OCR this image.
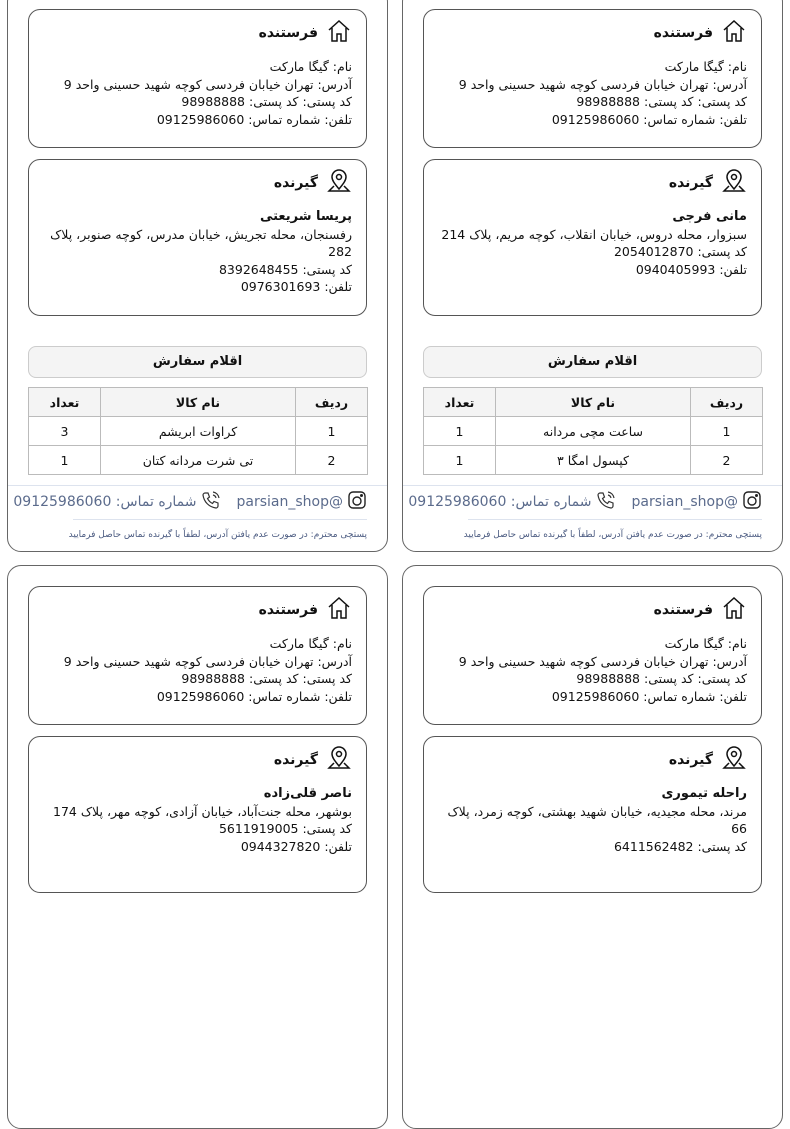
فرستنده
نام: گیگا مارکت
آدرس: تهران خیابان فردسی کوچه شهید حسینی واحد 9
کد پستی: کد پستی: 98988888
تلفن: شماره تماس: 09125986060
گیرنده
مانی فرجی
سبزوار، محله دروس، خیابان انقلاب، کوچه مریم، پلاک 214
کد پستی: 2054012870
تلفن: 0940405993
اقلام سفارش
ردیف	نام کالا	تعداد
1	ساعت مچی مردانه	1
2	کپسول امگا ۳	1
parsian_shop@
شماره تماس: 09125986060
پستچی محترم: در صورت عدم یافتن آدرس، لطفاً با گیرنده تماس حاصل فرمایید
فرستنده
نام: گیگا مارکت
آدرس: تهران خیابان فردسی کوچه شهید حسینی واحد 9
کد پستی: کد پستی: 98988888
تلفن: شماره تماس: 09125986060
گیرنده
پریسا شریعتی
رفسنجان، محله تجریش، خیابان مدرس، کوچه صنوبر، پلاک 282
کد پستی: 8392648455
تلفن: 0976301693
اقلام سفارش
ردیف	نام کالا	تعداد
1	کراوات ابریشم	3
2	تی شرت مردانه کتان	1
parsian_shop@
شماره تماس: 09125986060
پستچی محترم: در صورت عدم یافتن آدرس، لطفاً با گیرنده تماس حاصل فرمایید
فرستنده
نام: گیگا مارکت
آدرس: تهران خیابان فردسی کوچه شهید حسینی واحد 9
کد پستی: کد پستی: 98988888
تلفن: شماره تماس: 09125986060
گیرنده
راحله تیموری
مرند، محله مجیدیه، خیابان شهید بهشتی، کوچه زمرد، پلاک 66
کد پستی: 6411562482
فرستنده
نام: گیگا مارکت
آدرس: تهران خیابان فردسی کوچه شهید حسینی واحد 9
کد پستی: کد پستی: 98988888
تلفن: شماره تماس: 09125986060
گیرنده
ناصر قلی‌زاده
بوشهر، محله جنت‌آباد، خیابان آزادی، کوچه مهر، پلاک 174
کد پستی: 5611919005
تلفن: 0944327820
